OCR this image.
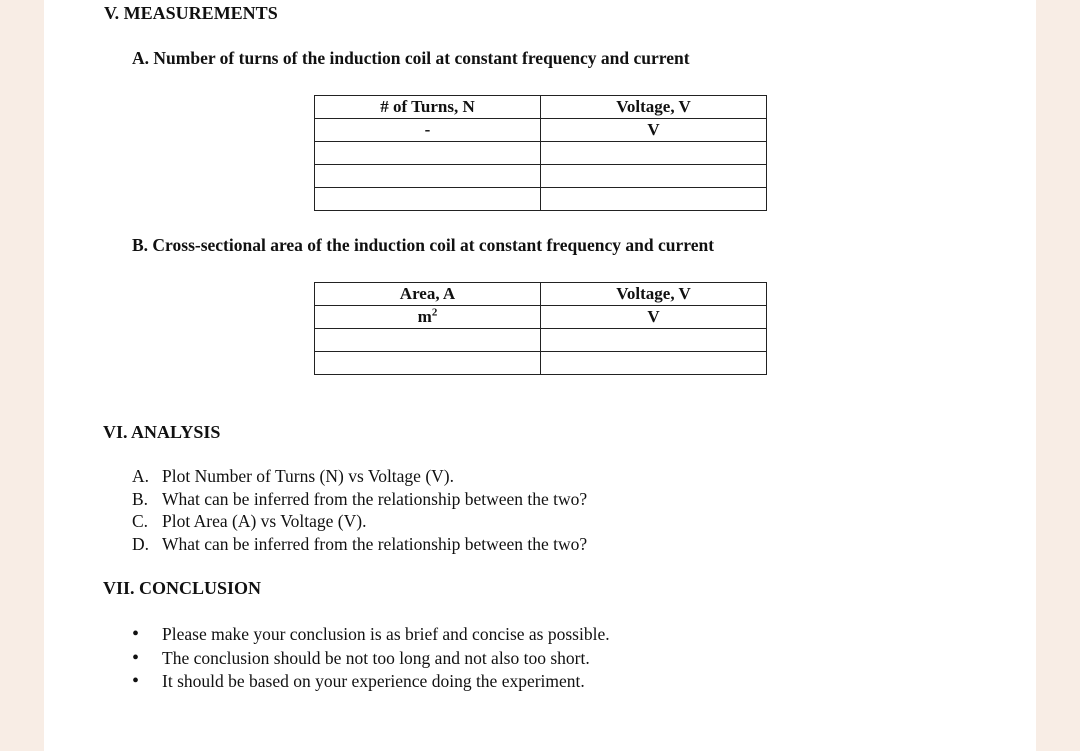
V. MEASUREMENTS
A. Number of turns of the induction coil at constant frequency and current
# of Turns, N	Voltage, V
-	V

B. Cross-sectional area of the induction coil at constant frequency and current
Area, A	Voltage, V
$m^2$	V

VI. ANALYSIS
A. Plot Number of Turns (N) vs Voltage (V).
B. What can be inferred from the relationship between the two?
C. Plot Area (A) vs Voltage (V).
D. What can be inferred from the relationship between the two?
VII. CONCLUSION
•	Please make your conclusion is as brief and concise as possible.
•	The conclusion should be not too long and not also too short.
•	It should be based on your experience doing the experiment.
